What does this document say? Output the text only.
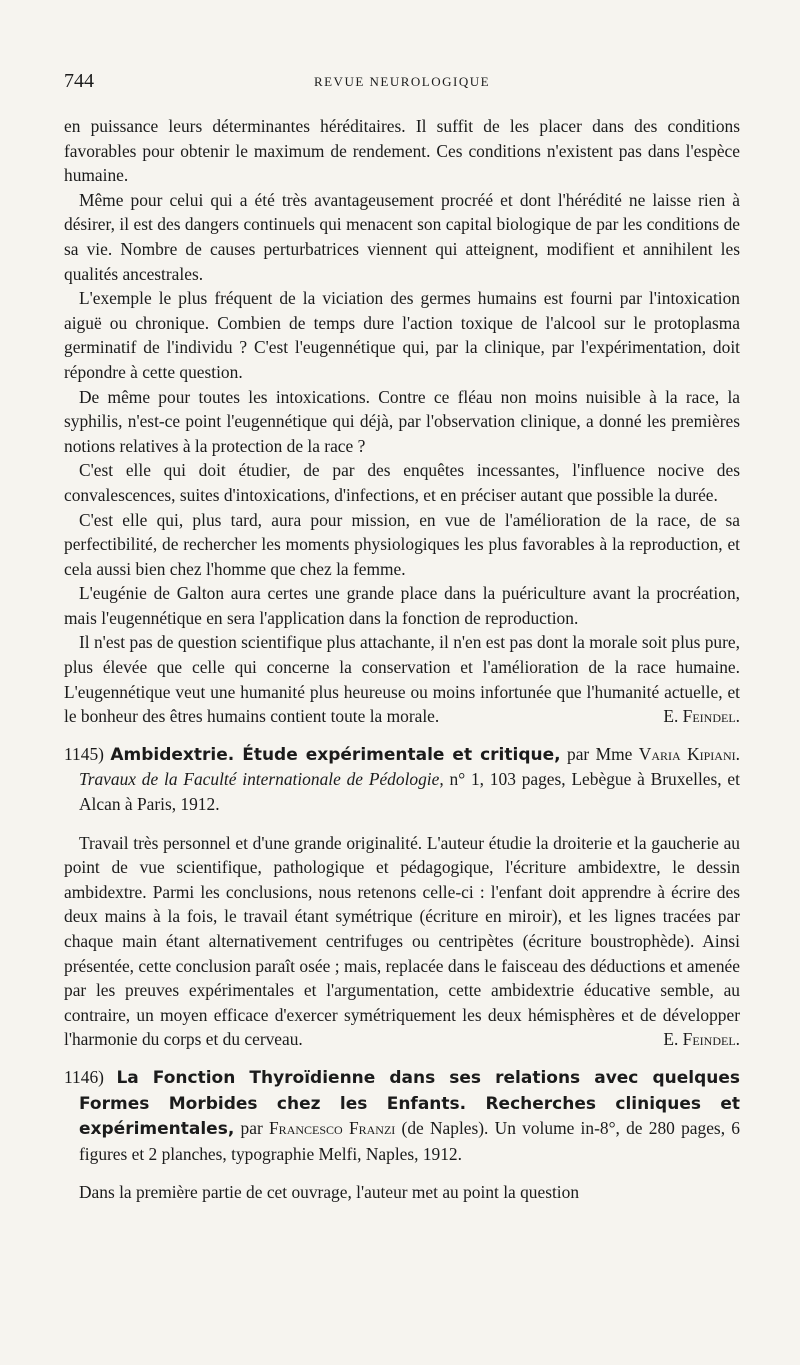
744	REVUE NEUROLOGIQUE

en puissance leurs déterminantes héréditaires. Il suffit de les placer dans des conditions favorables pour obtenir le maximum de rendement. Ces conditions n'existent pas dans l'espèce humaine.

Même pour celui qui a été très avantageusement procréé et dont l'hérédité ne laisse rien à désirer, il est des dangers continuels qui menacent son capital biologique de par les conditions de sa vie. Nombre de causes perturbatrices viennent qui atteignent, modifient et annihilent les qualités ancestrales.

L'exemple le plus fréquent de la viciation des germes humains est fourni par l'intoxication aiguë ou chronique. Combien de temps dure l'action toxique de l'alcool sur le protoplasma germinatif de l'individu ? C'est l'eugennétique qui, par la clinique, par l'expérimentation, doit répondre à cette question.

De même pour toutes les intoxications. Contre ce fléau non moins nuisible à la race, la syphilis, n'est-ce point l'eugennétique qui déjà, par l'observation clinique, a donné les premières notions relatives à la protection de la race ?

C'est elle qui doit étudier, de par des enquêtes incessantes, l'influence nocive des convalescences, suites d'intoxications, d'infections, et en préciser autant que possible la durée.

C'est elle qui, plus tard, aura pour mission, en vue de l'amélioration de la race, de sa perfectibilité, de rechercher les moments physiologiques les plus favorables à la reproduction, et cela aussi bien chez l'homme que chez la femme.

L'eugénie de Galton aura certes une grande place dans la puériculture avant la procréation, mais l'eugennétique en sera l'application dans la fonction de reproduction.

Il n'est pas de question scientifique plus attachante, il n'en est pas dont la morale soit plus pure, plus élevée que celle qui concerne la conservation et l'amélioration de la race humaine. L'eugennétique veut une humanité plus heureuse ou moins infortunée que l'humanité actuelle, et le bonheur des êtres humains contient toute la morale.	E. Feindel.
1145) Ambidextrie. Étude expérimentale et critique, par Mme Varia Kipiani. Travaux de la Faculté internationale de Pédologie, n° 1, 103 pages, Lebègue à Bruxelles, et Alcan à Paris, 1912.

Travail très personnel et d'une grande originalité. L'auteur étudie la droiterie et la gaucherie au point de vue scientifique, pathologique et pédagogique, l'écriture ambidextre, le dessin ambidextre. Parmi les conclusions, nous retenons celle-ci : l'enfant doit apprendre à écrire des deux mains à la fois, le travail étant symétrique (écriture en miroir), et les lignes tracées par chaque main étant alternativement centrifuges ou centripètes (écriture boustrophède). Ainsi présentée, cette conclusion paraît osée ; mais, replacée dans le faisceau des déductions et amenée par les preuves expérimentales et l'argumentation, cette ambidextrie éducative semble, au contraire, un moyen efficace d'exercer symétriquement les deux hémisphères et de développer l'harmonie du corps et du cerveau.	E. Feindel.
1146) La Fonction Thyroïdienne dans ses relations avec quelques Formes Morbides chez les Enfants. Recherches cliniques et expérimentales, par Francesco Franzi (de Naples). Un volume in-8°, de 280 pages, 6 figures et 2 planches, typographie Melfi, Naples, 1912.

Dans la première partie de cet ouvrage, l'auteur met au point la question
